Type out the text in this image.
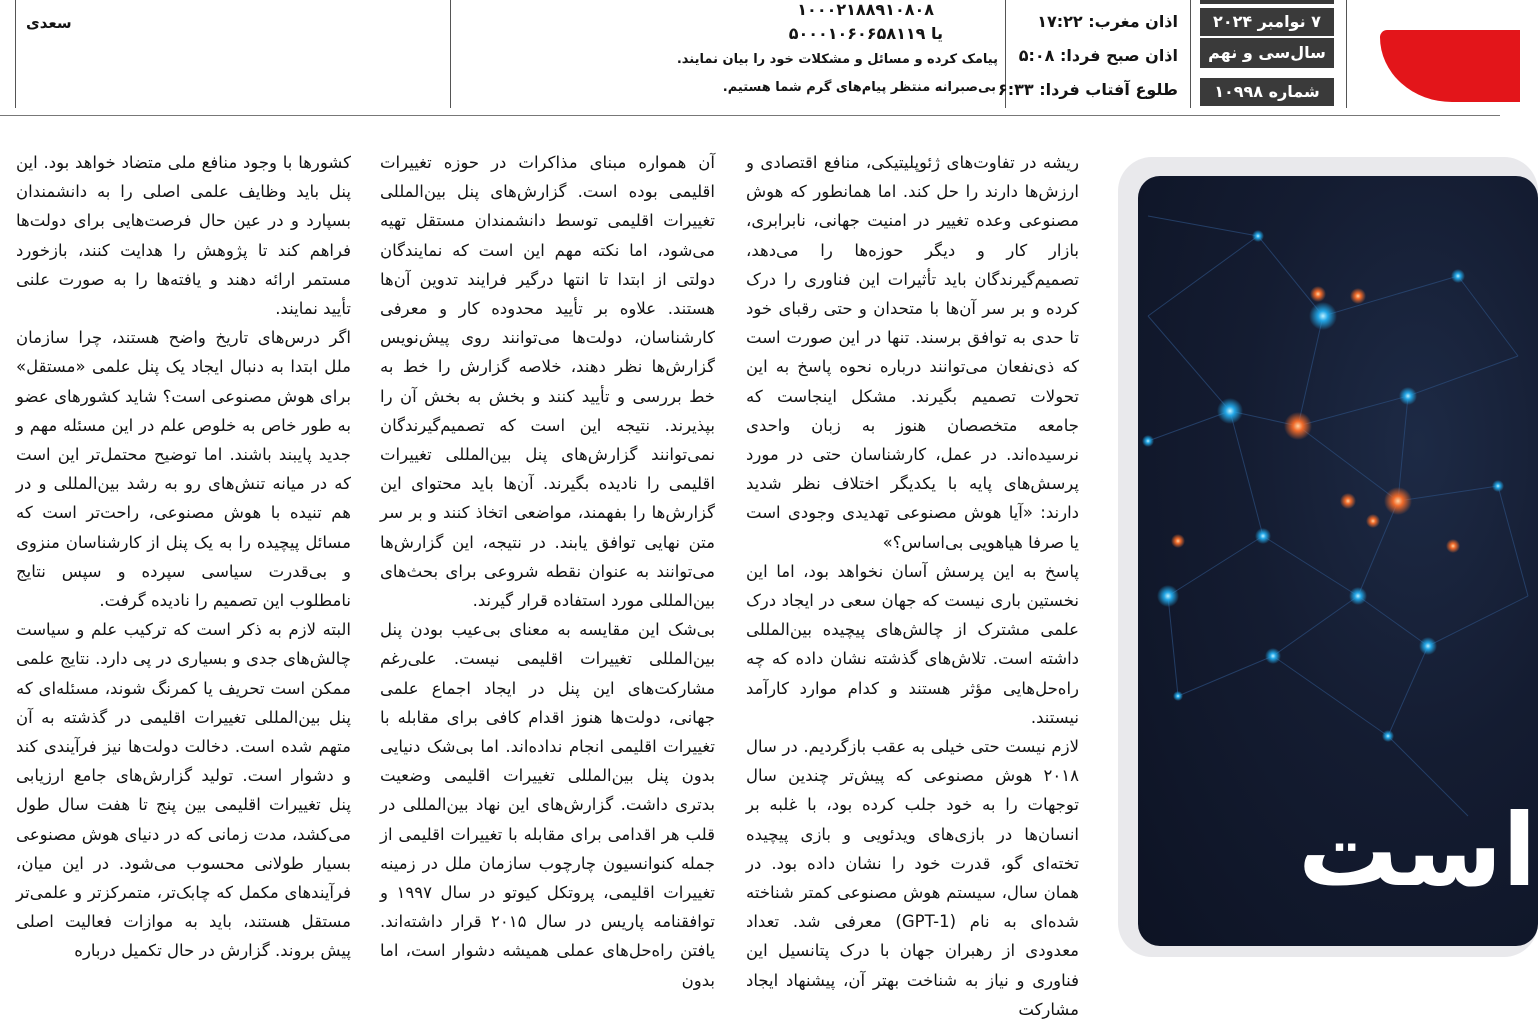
سعدی
۱۰۰۰۲۱۸۸۹۱۰۸۰۸
یا ۵۰۰۰۱۰۶۰۶۵۸۱۱۹
پیامک کرده و مسائل و مشکلات خود را بیان نمایند.
بی‌صبرانه منتظر پیام‌های گرم شما هستیم.
اذان مغرب: ۱۷:۲۲
اذان صبح فردا: ۵:۰۸
طلوع آفتاب فردا: ۶:۳۳
۷ نوامبر ۲۰۲۴
سال‌سی و نهم
شماره ۱۰۹۹۸

کشورها با وجود منافع ملی متضاد خواهد بود. این پنل باید وظایف علمی اصلی را به دانشمندان بسپارد و در عین حال فرصت‌هایی برای دولت‌ها فراهم کند تا پژوهش را هدایت کنند، بازخورد مستمر ارائه دهند و یافته‌ها را به صورت علنی تأیید نمایند.

اگر درس‌های تاریخ واضح هستند، چرا سازمان ملل ابتدا به دنبال ایجاد یک پنل علمی «مستقل» برای هوش مصنوعی است؟ شاید کشورهای عضو به طور خاص به خلوص علم در این مسئله مهم و جدید پایبند باشند. اما توضیح محتمل‌تر این است که در میانه تنش‌های رو به رشد بین‌المللی و در هم تنیده با هوش مصنوعی، راحت‌تر است که مسائل پیچیده را به یک پنل از کارشناسان منزوی و بی‌قدرت سیاسی سپرده و سپس نتایج نامطلوب این تصمیم را نادیده گرفت.

البته لازم به ذکر است که ترکیب علم و سیاست چالش‌های جدی و بسیاری در پی دارد. نتایج علمی ممکن است تحریف یا کمرنگ شوند، مسئله‌ای که پنل بین‌المللی تغییرات اقلیمی در گذشته به آن متهم شده است. دخالت دولت‌ها نیز فرآیندی کند و دشوار است. تولید گزارش‌های جامع ارزیابی پنل تغییرات اقلیمی بین پنج تا هفت سال طول می‌کشد، مدت زمانی که در دنیای هوش مصنوعی بسیار طولانی محسوب می‌شود. در این میان، فرآیندهای مکمل که چابک‌تر، متمرکزتر و علمی‌تر مستقل هستند، باید به موازات فعالیت اصلی پیش بروند. گزارش‌ در حال تکمیل درباره

آن همواره مبنای مذاکرات در حوزه تغییرات اقلیمی بوده است. گزارش‌های پنل بین‌المللی تغییرات اقلیمی توسط دانشمندان مستقل تهیه می‌شود، اما نکته مهم این است که نمایندگان دولتی از ابتدا تا انتها درگیر فرایند تدوین آن‌ها هستند. علاوه بر تأیید محدوده کار و معرفی کارشناسان، دولت‌ها می‌توانند روی پیش‌نویس گزارش‌ها نظر دهند، خلاصه گزارش را خط به خط بررسی و تأیید کنند و بخش به بخش آن را بپذیرند. نتیجه این است که تصمیم‌گیرندگان نمی‌توانند گزارش‌های پنل بین‌المللی تغییرات اقلیمی را نادیده بگیرند. آن‌ها باید محتوای این گزارش‌ها را بفهمند، مواضعی اتخاذ کنند و بر سر متن نهایی توافق یابند. در نتیجه، این گزارش‌ها می‌توانند به عنوان نقطه شروعی برای بحث‌های بین‌المللی مورد استفاده قرار گیرند.

بی‌شک این مقایسه به معنای بی‌عیب بودن پنل بین‌المللی تغییرات اقلیمی نیست. علی‌رغم مشارکت‌های این پنل در ایجاد اجماع علمی جهانی، دولت‌ها هنوز اقدام کافی برای مقابله با تغییرات اقلیمی انجام نداده‌اند. اما بی‌شک دنیایی بدون پنل بین‌المللی تغییرات اقلیمی وضعیت بدتری داشت. گزارش‌های این نهاد بین‌المللی در قلب هر اقدامی برای مقابله با تغییرات اقلیمی از جمله کنوانسیون چارچوب سازمان ملل در زمینه تغییرات اقلیمی، پروتکل کیوتو در سال ۱۹۹۷ و توافقنامه پاریس در سال ۲۰۱۵ قرار داشته‌اند. یافتن راه‌حل‌های عملی همیشه دشوار است، اما بدون

ریشه در تفاوت‌های ژئوپلیتیکی، منافع اقتصادی و ارزش‌ها دارند را حل کند. اما همانطور که هوش مصنوعی وعده تغییر در امنیت جهانی، نابرابری، بازار کار و دیگر حوزه‌ها را می‌دهد، تصمیم‌گیرندگان باید تأثیرات این فناوری را درک کرده و بر سر آن‌ها با متحدان و حتی رقبای خود تا حدی به توافق برسند. تنها در این صورت است که ذی‌نفعان می‌توانند درباره نحوه پاسخ به این تحولات تصمیم بگیرند. مشکل اینجاست که جامعه متخصصان هنوز به زبان واحدی نرسیده‌اند. در عمل، کارشناسان حتی در مورد پرسش‌های پایه با یکدیگر اختلاف نظر شدید دارند: «آیا هوش مصنوعی تهدیدی وجودی است یا صرفا هیاهویی بی‌اساس؟»

پاسخ به این پرسش آسان نخواهد بود، اما این نخستین باری نیست که جهان سعی در ایجاد درک علمی مشترک از چالش‌های پیچیده بین‌المللی داشته است. تلاش‌های گذشته نشان داده که چه راه‌حل‌هایی مؤثر هستند و کدام موارد کارآمد نیستند.

لازم نیست حتی خیلی به عقب بازگردیم. در سال ۲۰۱۸ هوش مصنوعی که پیش‌تر چندین سال توجهات را به خود جلب کرده بود، با غلبه بر انسان‌ها در بازی‌های ویدئویی و بازی پیچیده تخته‌ای گو، قدرت خود را نشان داده بود. در همان سال، سیستم هوش مصنوعی کمتر شناخته شده‌ای به نام (GPT-1) معرفی شد. تعداد معدودی از رهبران جهان با درک پتانسیل این فناوری و نیاز به شناخت بهتر آن، پیشنهاد ایجاد مشارکت

است
